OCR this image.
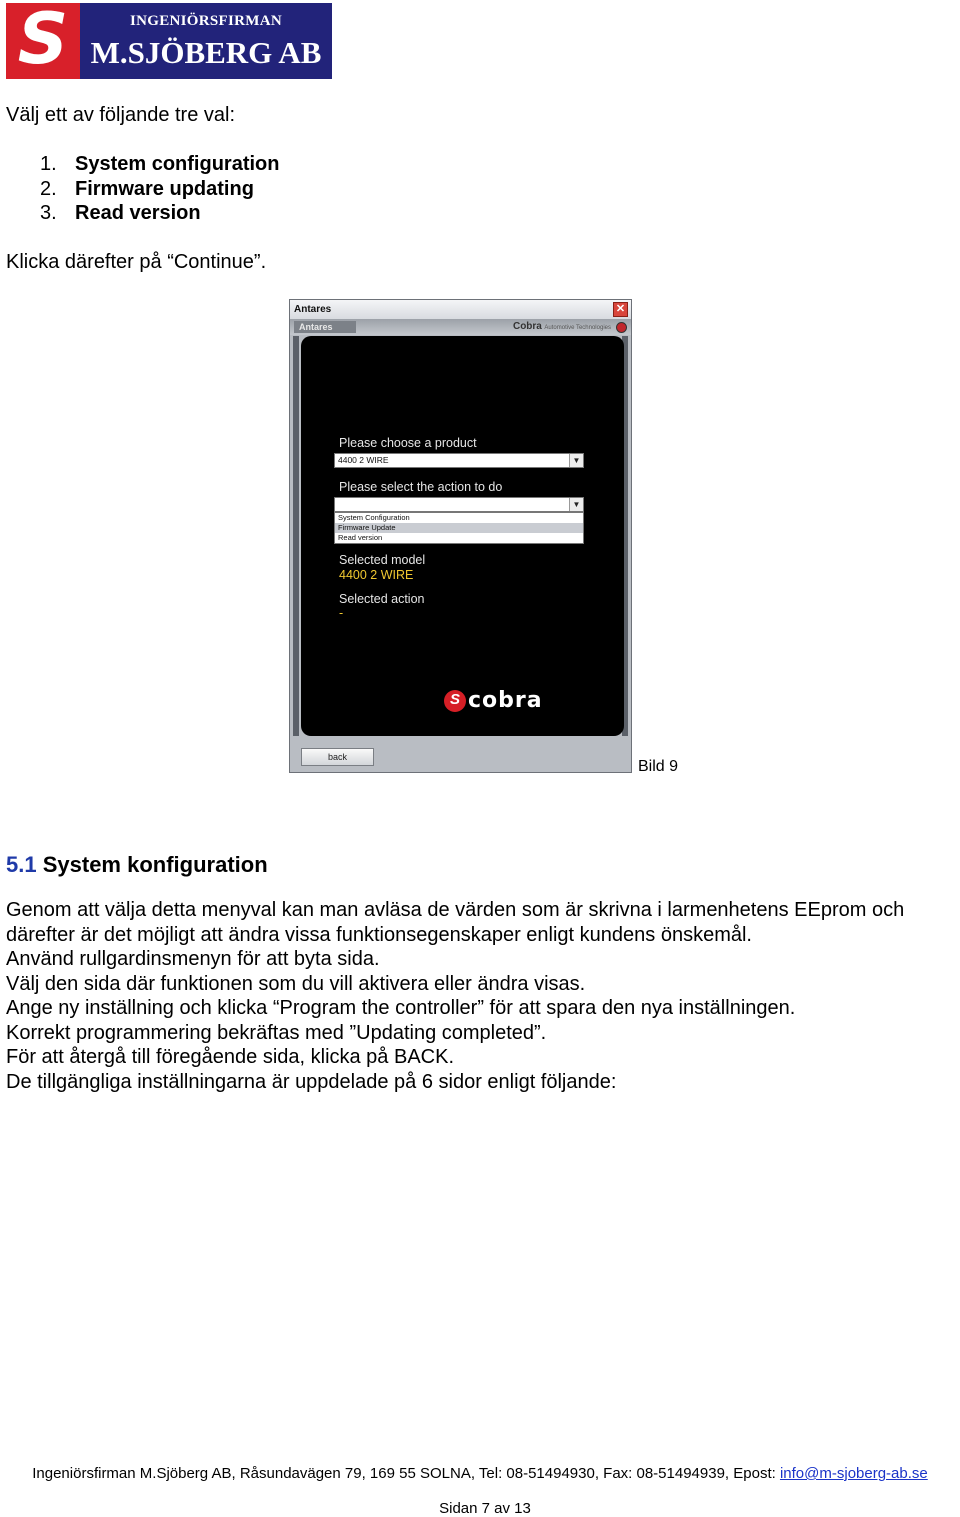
S	INGENIÖRSFIRMAN
M.SJÖBERG AB
Välj ett av följande tre val:
1. System configuration
2. Firmware updating
3. Read version
Klicka därefter på “Continue”.
Antares	✕
Antares	Cobra Automotive Technologies
Please choose a product
4400 2 WIRE	▼
Please select the action to do
▼
System Configuration
Firmware Update
Read version
Selected model
4400 2 WIRE
Selected action
-
S cobra
back
Bild 9
5.1 System konfiguration
Genom att välja detta menyval kan man avläsa de värden som är skrivna i larmenhetens EEprom och
därefter är det möjligt att ändra vissa funktionsegenskaper enligt kundens önskemål.
Använd rullgardinsmenyn för att byta sida.
Välj den sida där funktionen som du vill aktivera eller ändra visas.
Ange ny inställning och klicka “Program the controller” för att spara den nya inställningen.
Korrekt programmering bekräftas med ”Updating completed”.
För att återgå till föregående sida, klicka på BACK.
De tillgängliga inställningarna är uppdelade på 6 sidor enligt följande:
Ingeniörsfirman M.Sjöberg AB, Råsundavägen 79, 169 55 SOLNA, Tel: 08-51494930, Fax: 08-51494939, Epost: info@m-sjoberg-ab.se
Sidan 7 av 13
